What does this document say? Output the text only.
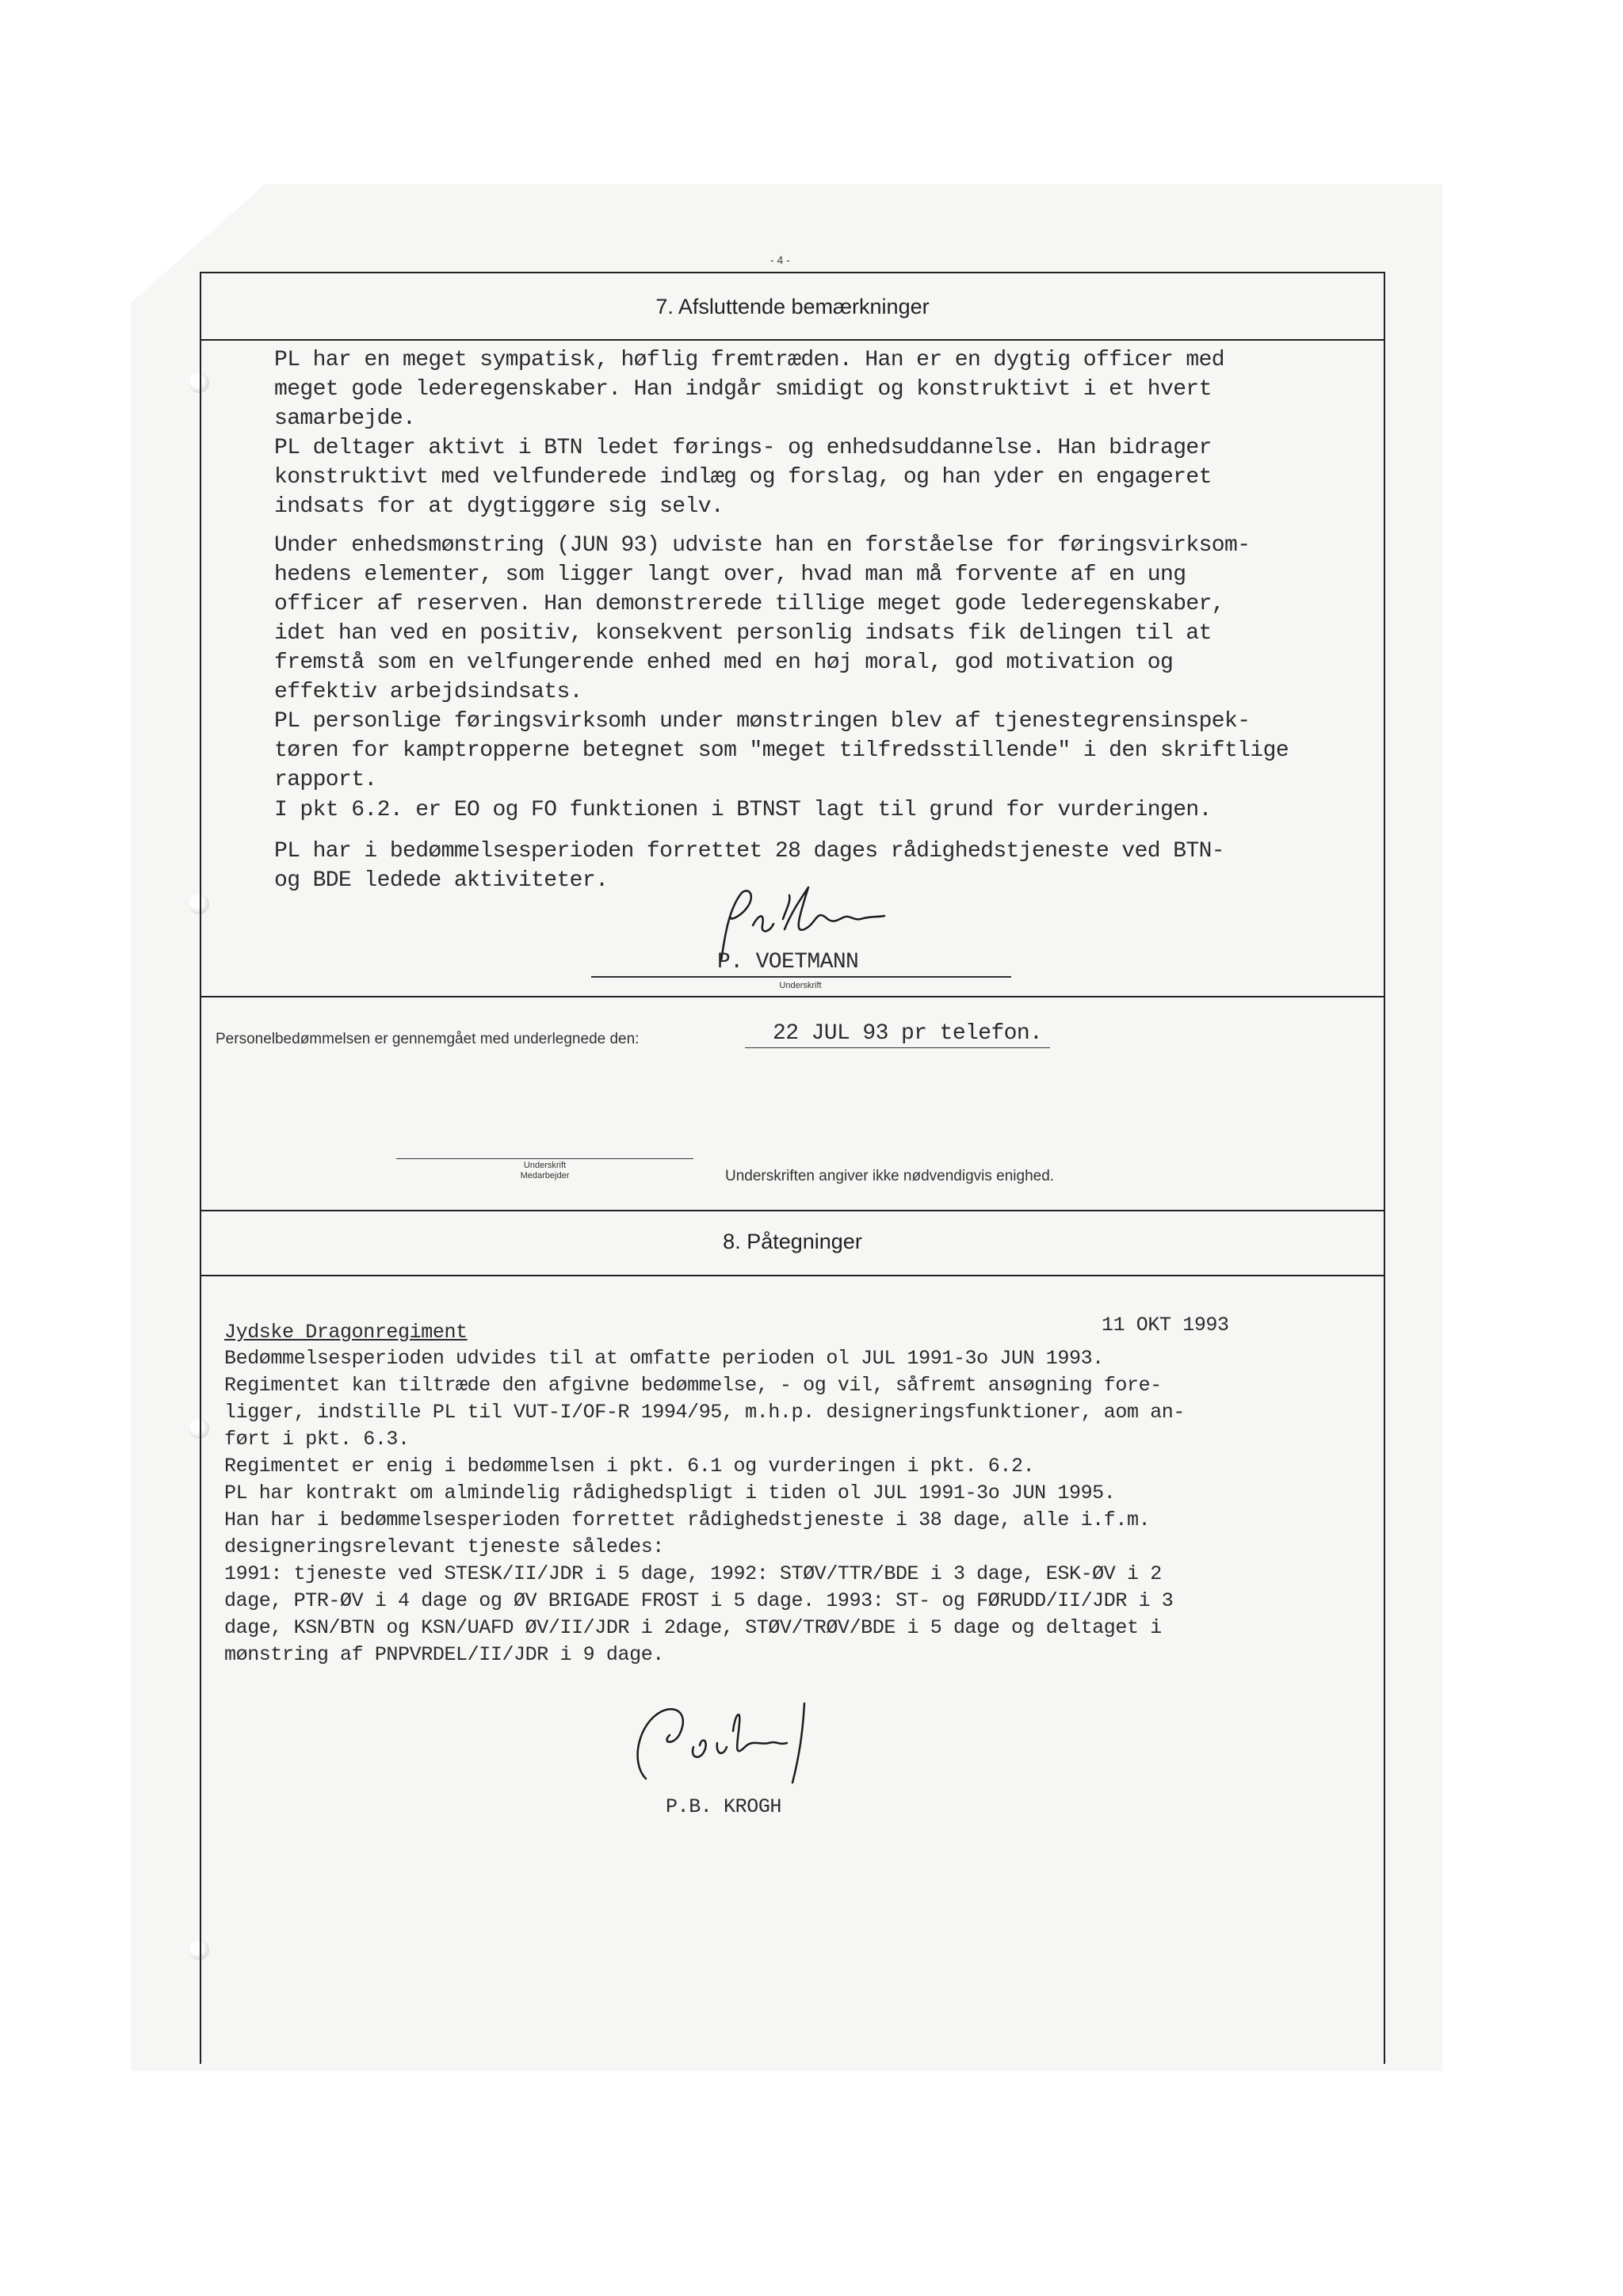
- 4 -
7. Afsluttende bemærkninger

PL har en meget sympatisk, høflig fremtræden. Han er en dygtig officer med
meget gode lederegenskaber. Han indgår smidigt og konstruktivt i et hvert
samarbejde.
PL deltager aktivt i BTN ledet førings- og enhedsuddannelse. Han bidrager
konstruktivt med velfunderede indlæg og forslag, og han yder en engageret
indsats for at dygtiggøre sig selv.

Under enhedsmønstring (JUN 93) udviste han en forståelse for føringsvirksom-
hedens elementer, som ligger langt over, hvad man må forvente af en ung
officer af reserven. Han demonstrerede tillige meget gode lederegenskaber,
idet han ved en positiv, konsekvent personlig indsats fik delingen til at
fremstå som en velfungerende enhed med en høj moral, god motivation og
effektiv arbejdsindsats.
PL personlige føringsvirksomh under mønstringen blev af tjenestegrensinspek-
tøren for kamptropperne betegnet som "meget tilfredsstillende" i den skriftlige
rapport.

I pkt 6.2. er EO og FO funktionen i BTNST lagt til grund for vurderingen.

PL har i bedømmelsesperioden forrettet 28 dages rådighedstjeneste ved BTN-
og BDE ledede aktiviteter.

P. VOETMANN

Underskrift
Personelbedømmelsen er gennemgået med underlegnede den:	22 JUL 93 pr telefon.

Underskrift
Medarbejder	Underskriften angiver ikke nødvendigvis enighed.
8. Påtegninger
Jydske Dragonregiment	11 OKT 1993

Bedømmelsesperioden udvides til at omfatte perioden ol JUL 1991-3o JUN 1993.
Regimentet kan tiltræde den afgivne bedømmelse, - og vil, såfremt ansøgning fore-
ligger, indstille PL til VUT-I/OF-R 1994/95, m.h.p. designeringsfunktioner, aom an-
ført i pkt. 6.3.
Regimentet er enig i bedømmelsen i pkt. 6.1 og vurderingen i pkt. 6.2.
PL har kontrakt om almindelig rådighedspligt i tiden ol JUL 1991-3o JUN 1995.
Han har i bedømmelsesperioden forrettet rådighedstjeneste i 38 dage, alle i.f.m.
designeringsrelevant tjeneste således:
1991: tjeneste ved STESK/II/JDR i 5 dage, 1992: STØV/TTR/BDE i 3 dage, ESK-ØV i 2
dage, PTR-ØV i 4 dage og ØV BRIGADE FROST i 5 dage. 1993: ST- og FØRUDD/II/JDR i 3
dage, KSN/BTN og KSN/UAFD ØV/II/JDR i 2dage, STØV/TRØV/BDE i 5 dage og deltaget i
mønstring af PNPVRDEL/II/JDR i 9 dage.

P.B. KROGH
